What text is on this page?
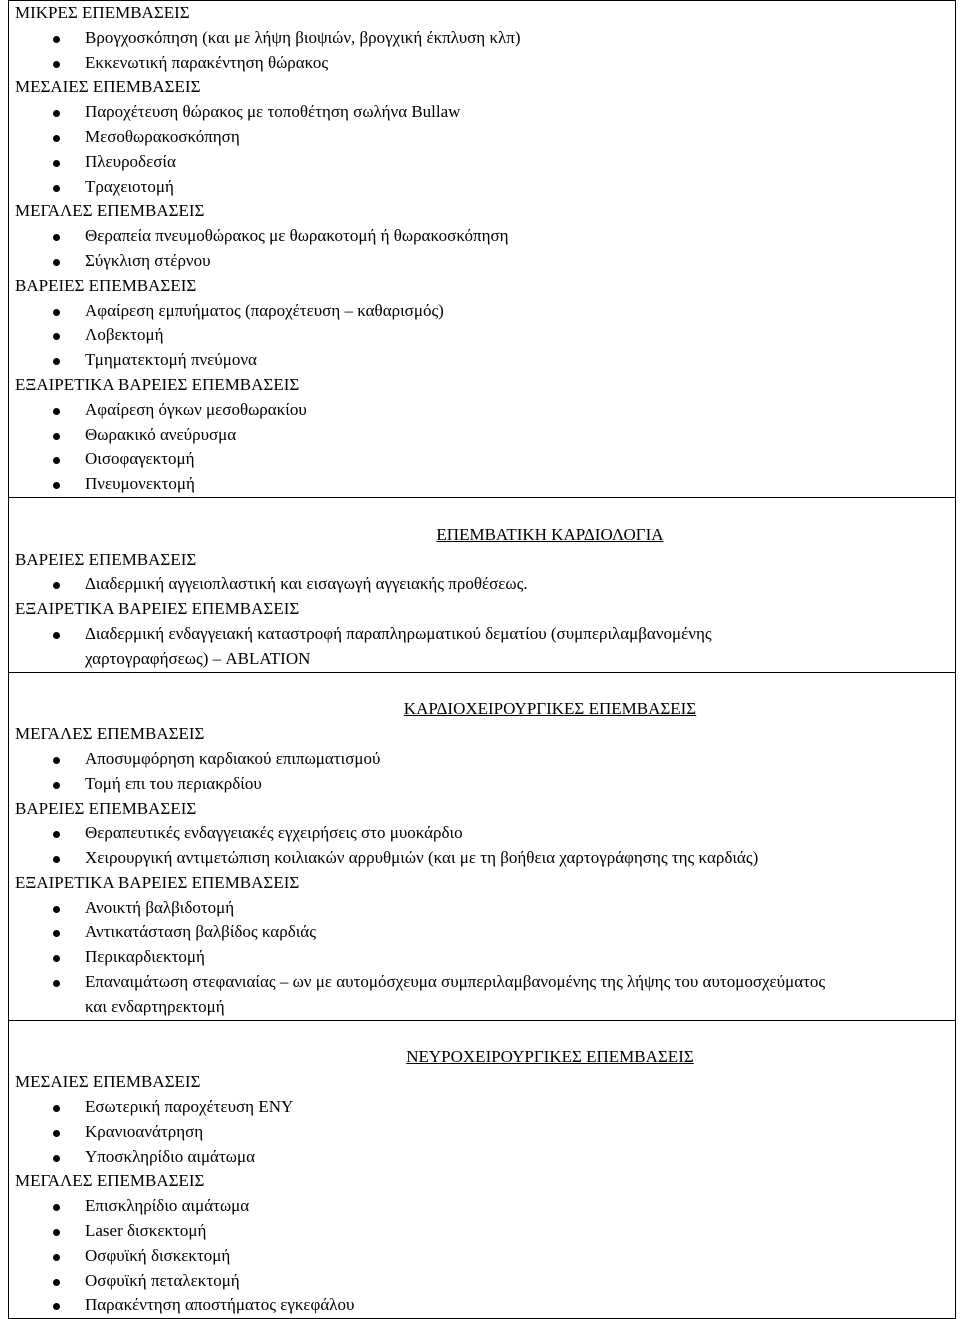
ΜΙΚΡΕΣ ΕΠΕΜΒΑΣΕΙΣ
Βρογχοσκόπηση (και με λήψη βιοψιών, βρογχική έκπλυση κλπ)
Εκκενωτική παρακέντηση θώρακος
ΜΕΣΑΙΕΣ ΕΠΕΜΒΑΣΕΙΣ
Παροχέτευση θώρακος με τοποθέτηση σωλήνα Bullaw
Μεσοθωρακοσκόπηση
Πλευροδεσία
Τραχειοτομή
ΜΕΓΑΛΕΣ ΕΠΕΜΒΑΣΕΙΣ
Θεραπεία πνευμοθώρακος με θωρακοτομή ή θωρακοσκόπηση
Σύγκλιση στέρνου
ΒΑΡΕΙΕΣ ΕΠΕΜΒΑΣΕΙΣ
Αφαίρεση εμπυήματος (παροχέτευση – καθαρισμός)
Λοβεκτομή
Τμηματεκτομή πνεύμονα
ΕΞΑΙΡΕΤΙΚΑ ΒΑΡΕΙΕΣ ΕΠΕΜΒΑΣΕΙΣ
Αφαίρεση όγκων μεσοθωρακίου
Θωρακικό ανεύρυσμα
Οισοφαγεκτομή
Πνευμονεκτομή

ΕΠΕΜΒΑΤΙΚΗ ΚΑΡΔΙΟΛΟΓΙΑ
ΒΑΡΕΙΕΣ ΕΠΕΜΒΑΣΕΙΣ
Διαδερμική αγγειοπλαστική και εισαγωγή αγγειακής προθέσεως.
ΕΞΑΙΡΕΤΙΚΑ ΒΑΡΕΙΕΣ ΕΠΕΜΒΑΣΕΙΣ
Διαδερμική ενδαγγειακή καταστροφή παραπληρωματικού δεματίου (συμπεριλαμβανομένης
χαρτογραφήσεως) – ABLATION

ΚΑΡΔΙΟΧΕΙΡΟΥΡΓΙΚΕΣ ΕΠΕΜΒΑΣΕΙΣ
ΜΕΓΑΛΕΣ ΕΠΕΜΒΑΣΕΙΣ
Αποσυμφόρηση καρδιακού επιπωματισμού
Τομή επι του περιακρδίου
ΒΑΡΕΙΕΣ ΕΠΕΜΒΑΣΕΙΣ
Θεραπευτικές ενδαγγειακές εγχειρήσεις στο μυοκάρδιο
Χειρουργική αντιμετώπιση κοιλιακών αρρυθμιών (και με τη βοήθεια χαρτογράφησης της καρδιάς)
ΕΞΑΙΡΕΤΙΚΑ ΒΑΡΕΙΕΣ ΕΠΕΜΒΑΣΕΙΣ
Ανοικτή βαλβιδοτομή
Αντικατάσταση βαλβίδος καρδιάς
Περικαρδιεκτομή
Επαναιμάτωση στεφανιαίας – ων με αυτομόσχευμα συμπεριλαμβανομένης της λήψης του αυτομοσχεύματος
και ενδαρτηρεκτομή

ΝΕΥΡΟΧΕΙΡΟΥΡΓΙΚΕΣ ΕΠΕΜΒΑΣΕΙΣ
ΜΕΣΑΙΕΣ ΕΠΕΜΒΑΣΕΙΣ
Εσωτερική παροχέτευση ΕΝΥ
Κρανιοανάτρηση
Υποσκληρίδιο αιμάτωμα
ΜΕΓΑΛΕΣ ΕΠΕΜΒΑΣΕΙΣ
Επισκληρίδιο αιμάτωμα
Laser δισκεκτομή
Οσφυϊκή δισκεκτομή
Οσφυϊκή πεταλεκτομή
Παρακέντηση αποστήματος εγκεφάλου
